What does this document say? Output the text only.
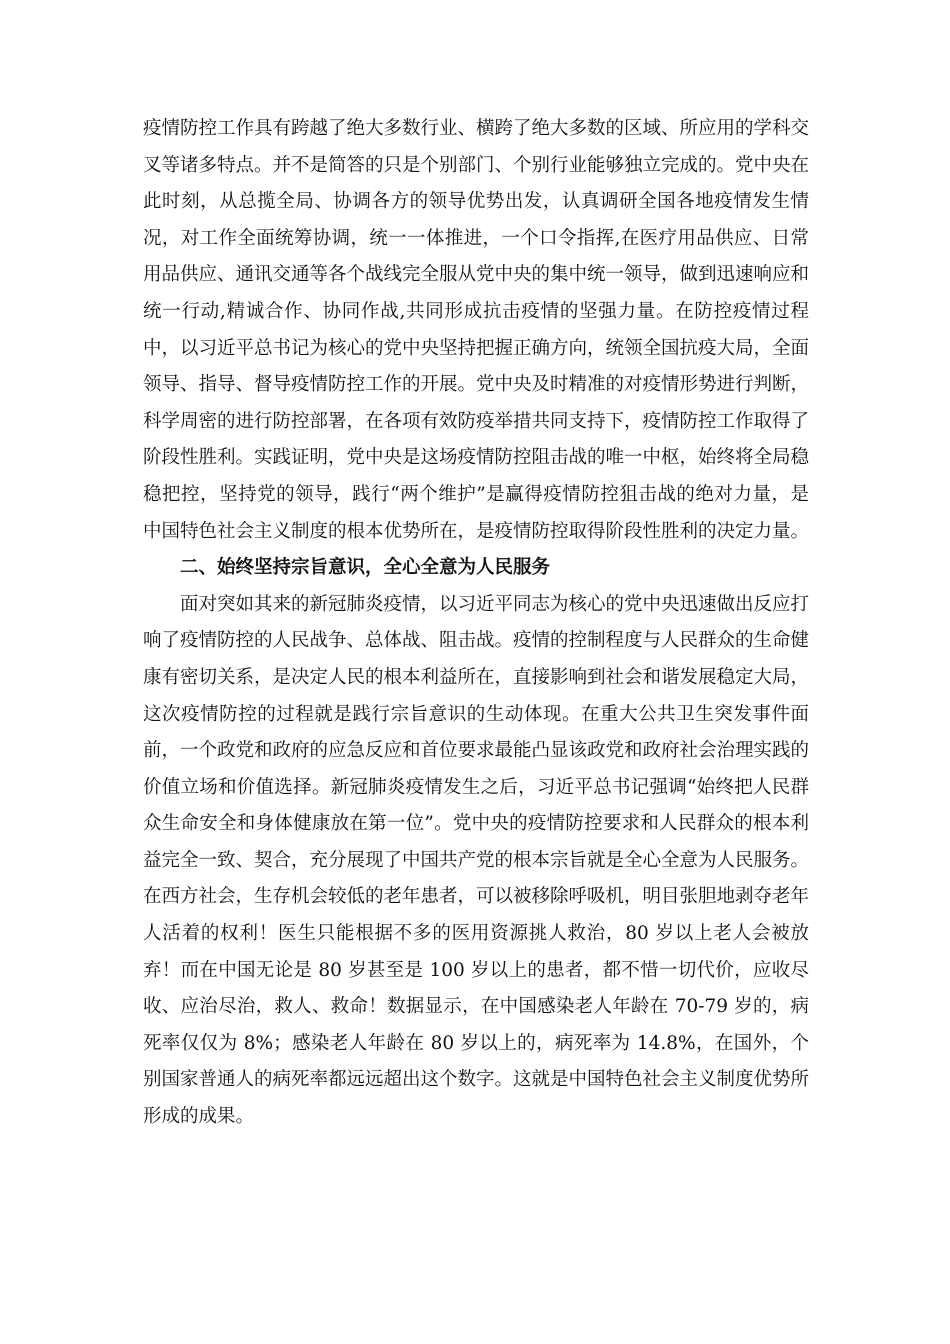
疫情防控工作具有跨越了绝大多数行业、横跨了绝大多数的区域、所应用的学科交叉等诸多特点。并不是简答的只是个别部门、个别行业能够独立完成的。党中央在此时刻，从总揽全局、协调各方的领导优势出发，认真调研全国各地疫情发生情况，对工作全面统筹协调，统一一体推进，一个口令指挥,在医疗用品供应、日常用品供应、通讯交通等各个战线完全服从党中央的集中统一领导，做到迅速响应和统一行动,精诚合作、协同作战,共同形成抗击疫情的坚强力量。在防控疫情过程中，以习近平总书记为核心的党中央坚持把握正确方向，统领全国抗疫大局，全面领导、指导、督导疫情防控工作的开展。党中央及时精准的对疫情形势进行判断，科学周密的进行防控部署，在各项有效防疫举措共同支持下，疫情防控工作取得了阶段性胜利。实践证明，党中央是这场疫情防控阻击战的唯一中枢，始终将全局稳稳把控，坚持党的领导，践行“两个维护”是赢得疫情防控狙击战的绝对力量，是中国特色社会主义制度的根本优势所在，是疫情防控取得阶段性胜利的决定力量。

二、始终坚持宗旨意识，全心全意为人民服务

面对突如其来的新冠肺炎疫情，以习近平同志为核心的党中央迅速做出反应打响了疫情防控的人民战争、总体战、阻击战。疫情的控制程度与人民群众的生命健康有密切关系，是决定人民的根本利益所在，直接影响到社会和谐发展稳定大局，这次疫情防控的过程就是践行宗旨意识的生动体现。在重大公共卫生突发事件面前，一个政党和政府的应急反应和首位要求最能凸显该政党和政府社会治理实践的价值立场和价值选择。新冠肺炎疫情发生之后，习近平总书记强调“始终把人民群众生命安全和身体健康放在第一位”。党中央的疫情防控要求和人民群众的根本利益完全一致、契合，充分展现了中国共产党的根本宗旨就是全心全意为人民服务。在西方社会，生存机会较低的老年患者，可以被移除呼吸机，明目张胆地剥夺老年人活着的权利！医生只能根据不多的医用资源挑人救治，80 岁以上老人会被放弃！而在中国无论是 80 岁甚至是 100 岁以上的患者，都不惜一切代价，应收尽收、应治尽治，救人、救命！数据显示，在中国感染老人年龄在 70-79 岁的，病死率仅仅为 8%；感染老人年龄在 80 岁以上的，病死率为 14.8%，在国外，个别国家普通人的病死率都远远超出这个数字。这就是中国特色社会主义制度优势所形成的成果。
